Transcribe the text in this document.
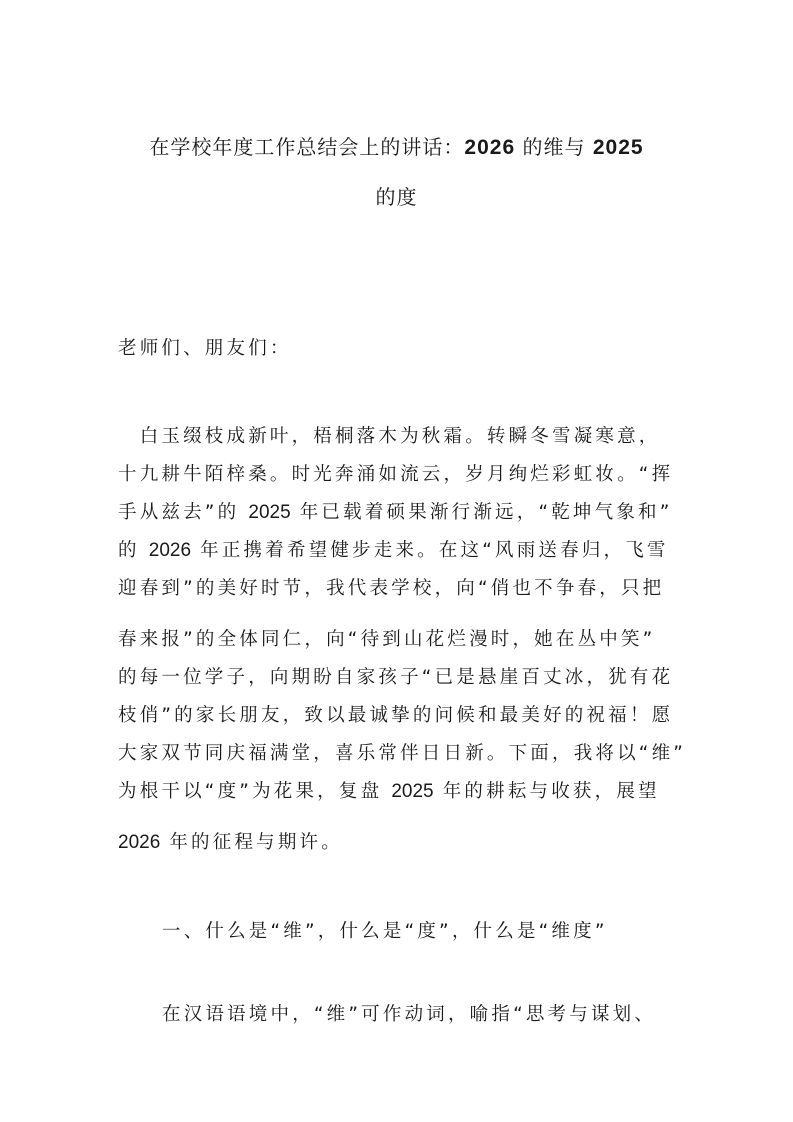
在学校年度工作总结会上的讲话：2026 的维与 2025
的度
老师们、朋友们：
　白玉缀枝成新叶，梧桐落木为秋霜。转瞬冬雪凝寒意，
十九耕牛陌梓桑。时光奔涌如流云，岁月绚烂彩虹妆。“挥
手从兹去”的 2025 年已载着硕果渐行渐远，“乾坤气象和”
的 2026 年正携着希望健步走来。在这“风雨送春归，飞雪
迎春到”的美好时节，我代表学校，向“俏也不争春，只把
春来报”的全体同仁，向“待到山花烂漫时，她在丛中笑”
的每一位学子，向期盼自家孩子“已是悬崖百丈冰，犹有花
枝俏”的家长朋友，致以最诚挚的问候和最美好的祝福！愿
大家双节同庆福满堂，喜乐常伴日日新。下面，我将以“维”
为根干以“度”为花果，复盘 2025 年的耕耘与收获，展望
2026 年的征程与期许。
一、什么是“维”，什么是“度”，什么是“维度”
在汉语语境中，“维”可作动词，喻指“思考与谋划、
